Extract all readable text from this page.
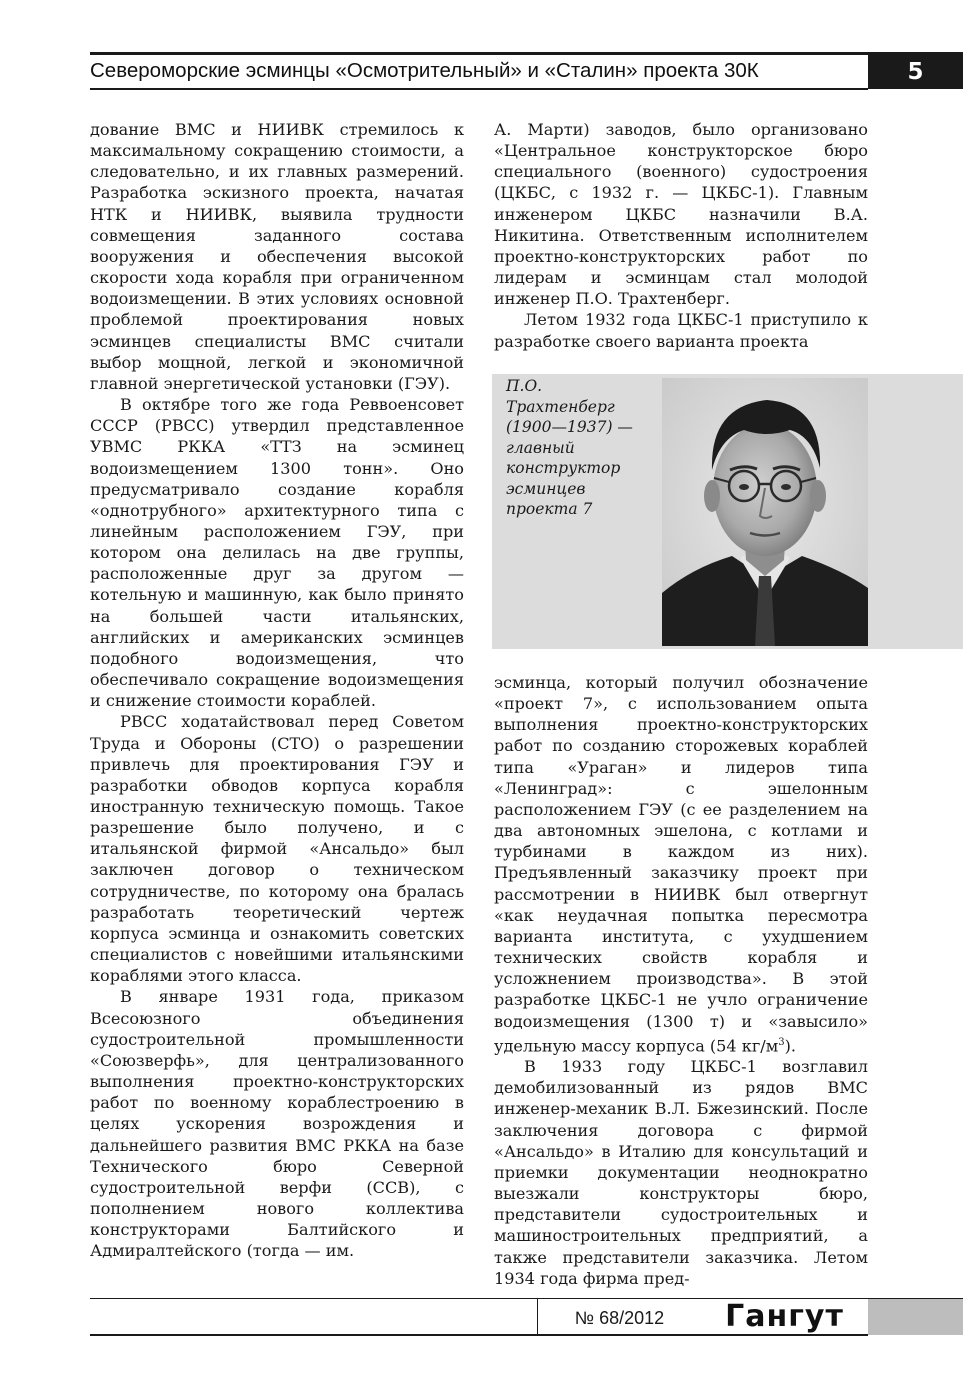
Североморские эсминцы «Осмотрительный» и «Сталин» проекта 30К	5

дование ВМС и НИИВК стремилось к максимальному сокращению стоимости, а следовательно, и их главных размерений. Разработка эскизного проекта, начатая НТК и НИИВК, выявила трудности совмещения заданного состава вооружения и обеспечения высокой скорости хода корабля при ограниченном водоизмещении. В этих условиях основной проблемой проектирования новых эсминцев специалисты ВМС считали выбор мощной, легкой и экономичной главной энергетической установки (ГЭУ).

В октябре того же года Реввоенсовет СССР (РВСС) утвердил представленное УВМС РККА «ТТЗ на эсминец водоизмещением 1300 тонн». Оно предусматривало создание корабля «однотрубного» архитектурного типа с линейным расположением ГЭУ, при котором она делилась на две группы, расположенные друг за другом — котельную и машинную, как было принято на большей части итальянских, английских и американских эсминцев подобного водоизмещения, что обеспечивало сокращение водоизмещения и снижение стоимости кораблей.

РВСС ходатайствовал перед Советом Труда и Обороны (СТО) о разрешении привлечь для проектирования ГЭУ и разработки обводов корпуса корабля иностранную техническую помощь. Такое разрешение было получено, и с итальянской фирмой «Ансальдо» был заключен договор о техническом сотрудничестве, по которому она бралась разработать теоретический чертеж корпуса эсминца и ознакомить советских специалистов с новейшими итальянскими кораблями этого класса.

В январе 1931 года, приказом Всесоюзного объединения судостроительной промышленности «Союзверфь», для централизованного выполнения проектно-конструкторских работ по военному кораблестроению в целях ускорения возрождения и дальнейшего развития ВМС РККА на базе Технического бюро Северной судостроительной верфи (ССВ), с пополнением нового коллектива конструкторами Балтийского и Адмиралтейского (тогда — им.

А. Марти) заводов, было организовано «Центральное конструкторское бюро специального (военного) судостроения (ЦКБС, с 1932 г. — ЦКБС-1). Главным инженером ЦКБС назначили В.А. Никитина. Ответственным исполнителем проектно-конструкторских работ по лидерам и эсминцам стал молодой инженер П.О. Трахтенберг.

Летом 1932 года ЦКБС-1 приступило к разработке своего варианта проекта

П.О. Трахтенберг (1900—1937) — главный конструктор эсминцев проекта 7

эсминца, который получил обозначение «проект 7», с использованием опыта выполнения проектно-конструкторских работ по созданию сторожевых кораблей типа «Ураган» и лидеров типа «Ленинград»: с эшелонным расположением ГЭУ (с ее разделением на два автономных эшелона, с котлами и турбинами в каждом из них). Предъявленный заказчику проект при рассмотрении в НИИВК был отвергнут «как неудачная попытка пересмотра варианта института, с ухудшением технических свойств корабля и усложнением производства». В этой разработке ЦКБС-1 не учло ограничение водоизмещения (1300 т) и «завысило» удельную массу корпуса (54 $кг/м^3$).

В 1933 году ЦКБС-1 возглавил демобилизованный из рядов ВМС инженер-механик В.Л. Бжезинский. После заключения договора с фирмой «Ансальдо» в Италию для консультаций и приемки документации неоднократно выезжали конструкторы бюро, представители судостроительных и машиностроительных предприятий, а также представители заказчика. Летом 1934 года фирма пред-

№ 68/2012	Гангут
